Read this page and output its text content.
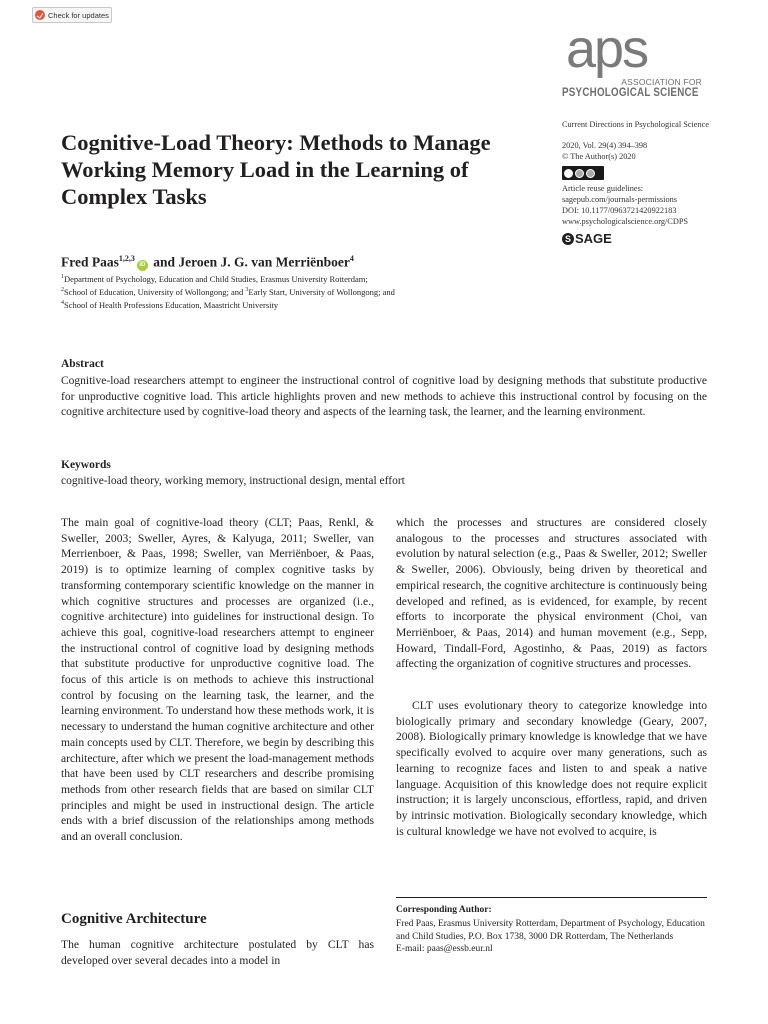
Check for updates
aps
ASSOCIATION FOR
PSYCHOLOGICAL SCIENCE
Cognitive-Load Theory: Methods to Manage Working Memory Load in the Learning of Complex Tasks
Current Directions in Psychological Science
2020, Vol. 29(4) 394–398
© The Author(s) 2020
Article reuse guidelines:
sagepub.com/journals-permissions
DOI: 10.1177/0963721420922183
www.psychologicalscience.org/CDPS
S SAGE
Fred Paas$^{1,2,3}$iD and Jeroen J. G. van Merriënboer$^4$
$^1$Department of Psychology, Education and Child Studies, Erasmus University Rotterdam;
$^2$School of Education, University of Wollongong; and $^3$Early Start, University of Wollongong; and
$^4$School of Health Professions Education, Maastricht University
Abstract
Cognitive-load researchers attempt to engineer the instructional control of cognitive load by designing methods that substitute productive for unproductive cognitive load. This article highlights proven and new methods to achieve this instructional control by focusing on the cognitive architecture used by cognitive-load theory and aspects of the learning task, the learner, and the learning environment.
Keywords
cognitive-load theory, working memory, instructional design, mental effort
The main goal of cognitive-load theory (CLT; Paas, Renkl, & Sweller, 2003; Sweller, Ayres, & Kalyuga, 2011; Sweller, van Merrienboer, & Paas, 1998; Sweller, van Merriënboer, & Paas, 2019) is to optimize learning of complex cognitive tasks by transforming contemporary scientific knowledge on the manner in which cognitive structures and processes are organized (i.e., cognitive architecture) into guidelines for instructional design. To achieve this goal, cognitive-load researchers attempt to engineer the instructional control of cognitive load by designing methods that substitute productive for unproductive cognitive load. The focus of this article is on methods to achieve this instructional control by focusing on the learning task, the learner, and the learning environment. To understand how these methods work, it is necessary to understand the human cognitive architecture and other main concepts used by CLT. Therefore, we begin by describing this architecture, after which we present the load-management methods that have been used by CLT researchers and describe promising methods from other research fields that are based on similar CLT principles and might be used in instructional design. The article ends with a brief discussion of the relationships among methods and an overall conclusion.
Cognitive Architecture
The human cognitive architecture postulated by CLT has developed over several decades into a model in
which the processes and structures are considered closely analogous to the processes and structures associated with evolution by natural selection (e.g., Paas & Sweller, 2012; Sweller & Sweller, 2006). Obviously, being driven by theoretical and empirical research, the cognitive architecture is continuously being developed and refined, as is evidenced, for example, by recent efforts to incorporate the physical environment (Choi, van Merriënboer, & Paas, 2014) and human movement (e.g., Sepp, Howard, Tindall-Ford, Agostinho, & Paas, 2019) as factors affecting the organization of cognitive structures and processes.
CLT uses evolutionary theory to categorize knowledge into biologically primary and secondary knowledge (Geary, 2007, 2008). Biologically primary knowledge is knowledge that we have specifically evolved to acquire over many generations, such as learning to recognize faces and listen to and speak a native language. Acquisition of this knowledge does not require explicit instruction; it is largely unconscious, effortless, rapid, and driven by intrinsic motivation. Biologically secondary knowledge, which is cultural knowledge we have not evolved to acquire, is
Corresponding Author:
Fred Paas, Erasmus University Rotterdam, Department of Psychology, Education and Child Studies, P.O. Box 1738, 3000 DR Rotterdam, The Netherlands
E-mail: paas@essb.eur.nl
